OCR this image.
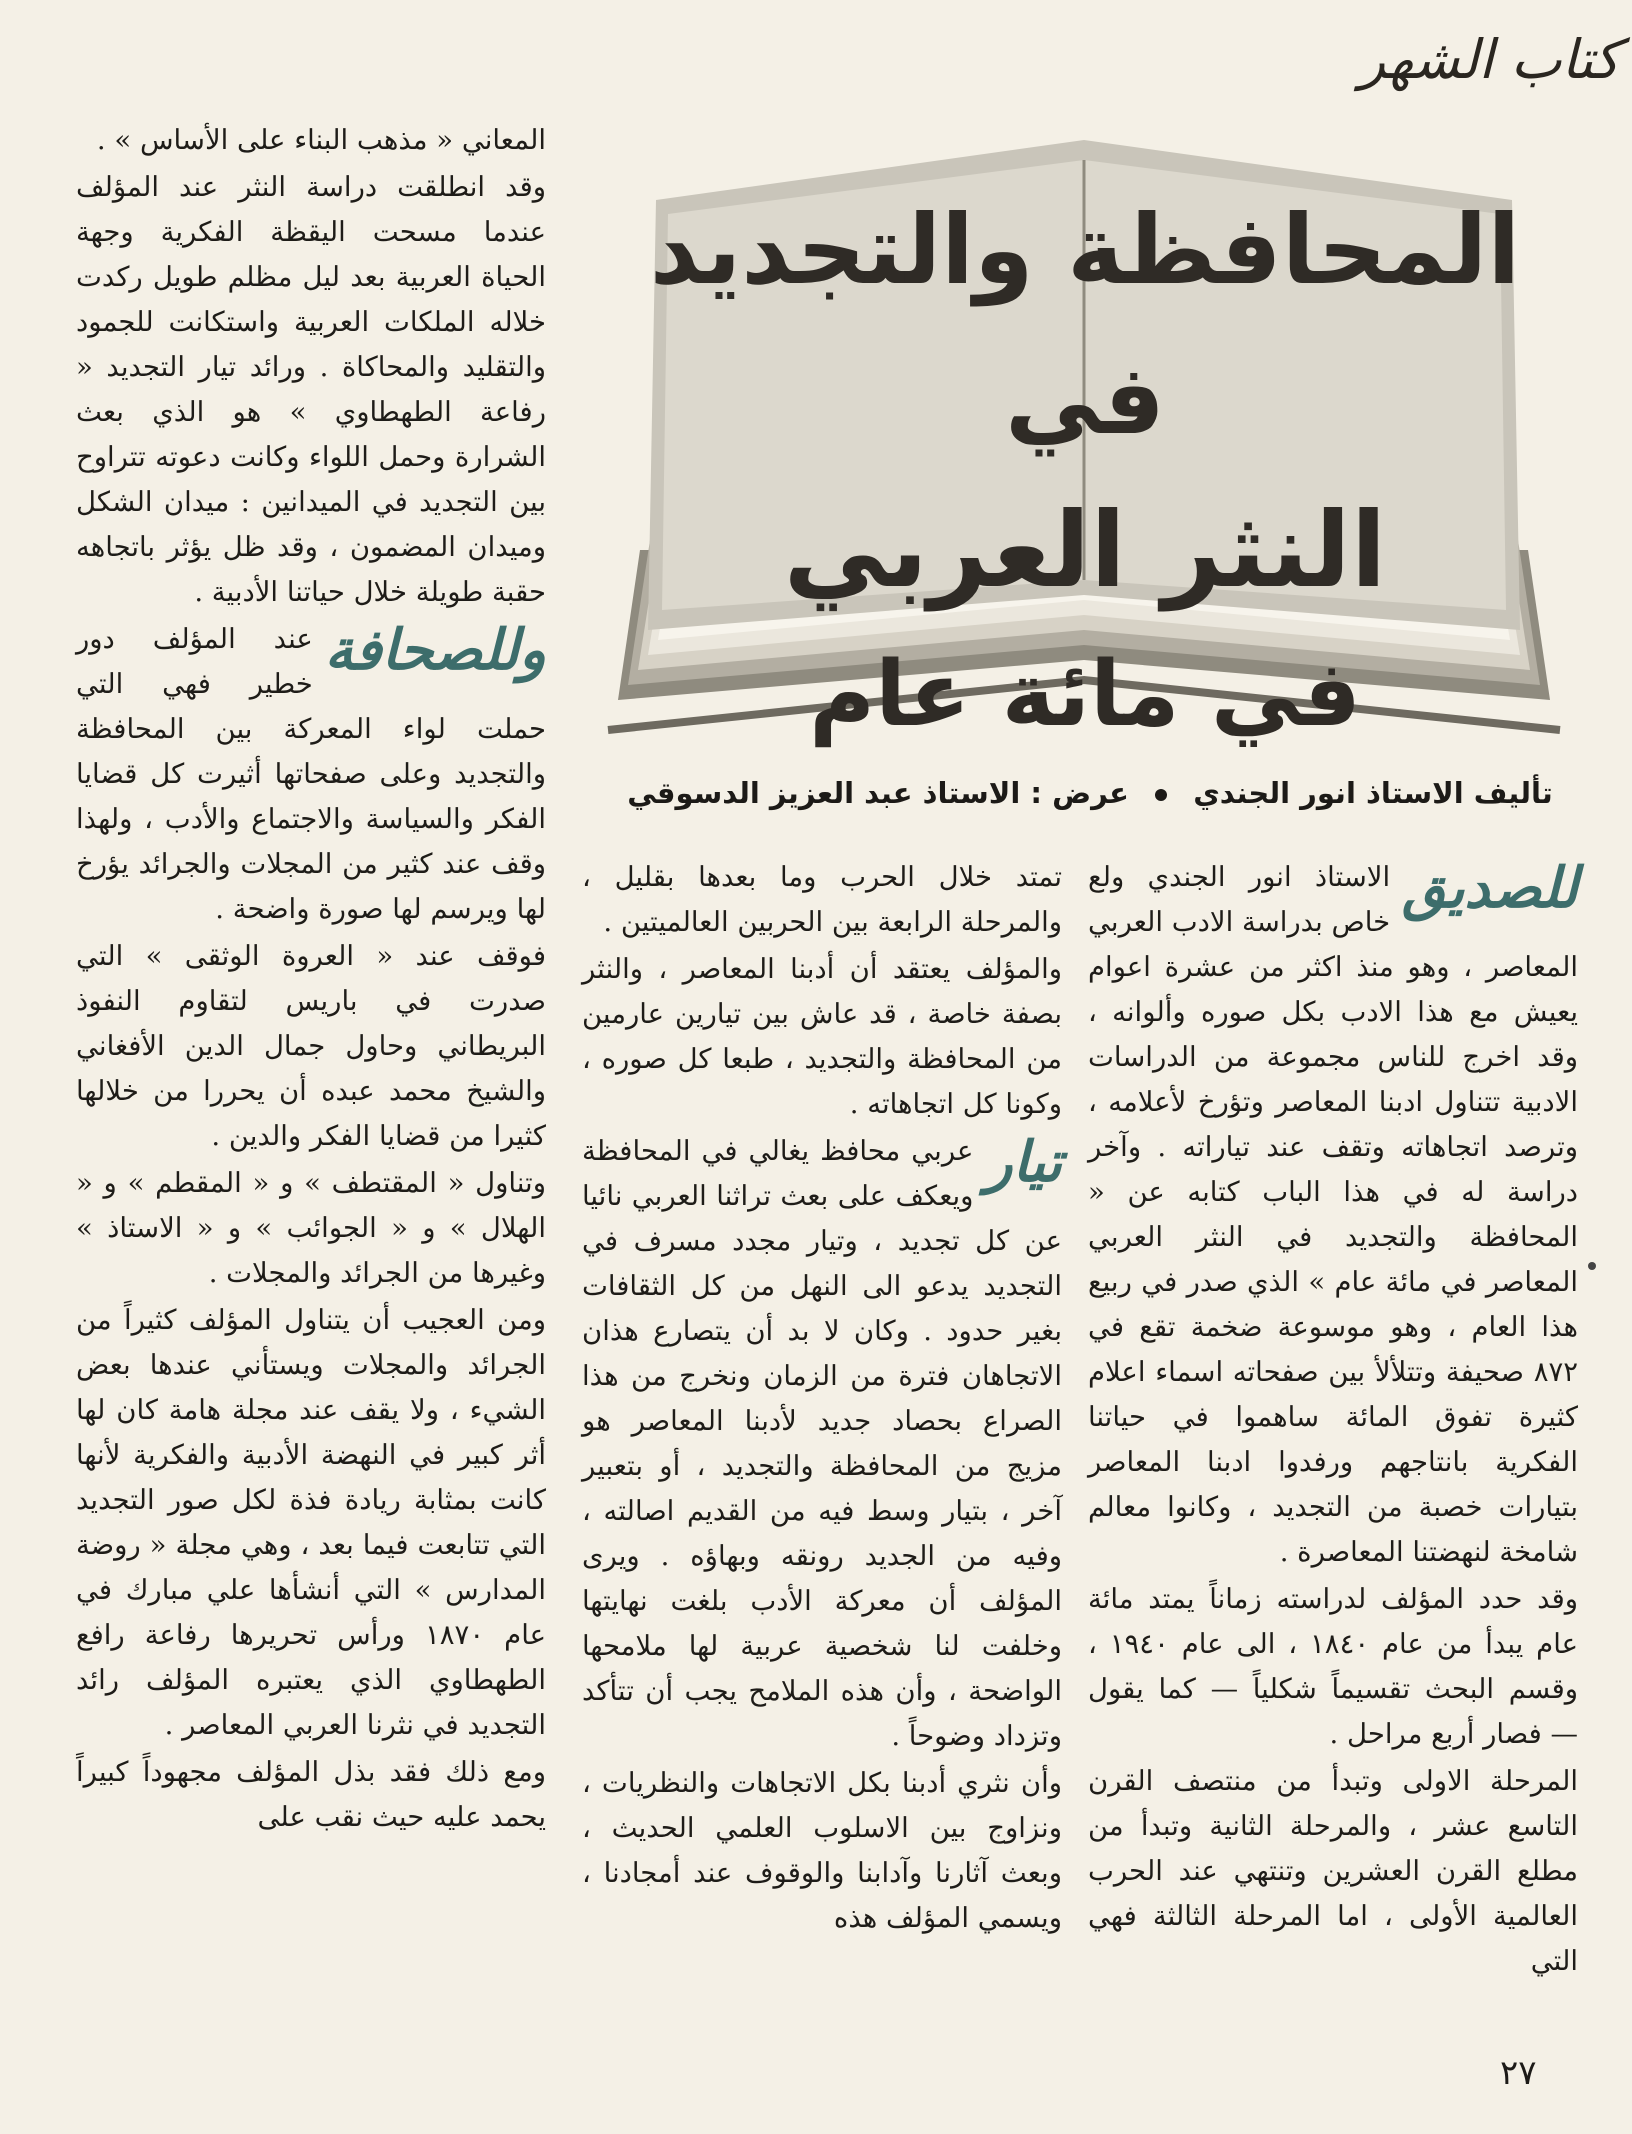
كتاب الشهر
المحافظة والتجديد في
النثر العربي
في مائة عام
تأليف الاستاذ انور الجندي  عرض : الاستاذ عبد العزيز الدسوقي

للصديق
الاستاذ انور الجندي ولع خاص بدراسة الادب العربي المعاصر ، وهو منذ اكثر من عشرة اعوام يعيش مع هذا الادب بكل صوره وألوانه ، وقد اخرج للناس مجموعة من الدراسات الادبية تتناول ادبنا المعاصر وتؤرخ لأعلامه ، وترصد اتجاهاته وتقف عند تياراته . وآخر دراسة له في هذا الباب كتابه عن « المحافظة والتجديد في النثر العربي المعاصر في مائة عام » الذي صدر في ربيع هذا العام ، وهو موسوعة ضخمة تقع في ٨٧٢ صحيفة وتتلألأ بين صفحاته اسماء اعلام كثيرة تفوق المائة ساهموا في حياتنا الفكرية بانتاجهم ورفدوا ادبنا المعاصر بتيارات خصبة من التجديد ، وكانوا معالم شامخة لنهضتنا المعاصرة .

وقد حدد المؤلف لدراسته زماناً يمتد مائة عام يبدأ من عام ١٨٤٠ ، الى عام ١٩٤٠ ، وقسم البحث تقسيماً شكلياً — كما يقول — فصار أربع مراحل .

المرحلة الاولى وتبدأ من منتصف القرن التاسع عشر ، والمرحلة الثانية وتبدأ من مطلع القرن العشرين وتنتهي عند الحرب العالمية الأولى ، اما المرحلة الثالثة فهي التي

تمتد خلال الحرب وما بعدها بقليل ، والمرحلة الرابعة بين الحربين العالميتين .

والمؤلف يعتقد أن أدبنا المعاصر ، والنثر بصفة خاصة ، قد عاش بين تيارين عارمين من المحافظة والتجديد ، طبعا كل صوره ، وكونا كل اتجاهاته .

تيار
عربي محافظ يغالي في المحافظة ويعكف على بعث تراثنا العربي نائيا عن كل تجديد ، وتيار مجدد مسرف في التجديد يدعو الى النهل من كل الثقافات بغير حدود . وكان لا بد أن يتصارع هذان الاتجاهان فترة من الزمان ونخرج من هذا الصراع بحصاد جديد لأدبنا المعاصر هو مزيج من المحافظة والتجديد ، أو بتعبير آخر ، بتيار وسط فيه من القديم اصالته ، وفيه من الجديد رونقه وبهاؤه . ويرى المؤلف أن معركة الأدب بلغت نهايتها وخلفت لنا شخصية عربية لها ملامحها الواضحة ، وأن هذه الملامح يجب أن تتأكد وتزداد وضوحاً .

وأن نثري أدبنا بكل الاتجاهات والنظريات ، ونزاوج بين الاسلوب العلمي الحديث ، وبعث آثارنا وآدابنا والوقوف عند أمجادنا ، ويسمي المؤلف هذه

المعاني « مذهب البناء على الأساس » .

وقد انطلقت دراسة النثر عند المؤلف عندما مسحت اليقظة الفكرية وجهة الحياة العربية بعد ليل مظلم طويل ركدت خلاله الملكات العربية واستكانت للجمود والتقليد والمحاكاة . ورائد تيار التجديد « رفاعة الطهطاوي » هو الذي بعث الشرارة وحمل اللواء وكانت دعوته تتراوح بين التجديد في الميدانين : ميدان الشكل وميدان المضمون ، وقد ظل يؤثر باتجاهه حقبة طويلة خلال حياتنا الأدبية .

وللصحافة
عند المؤلف دور خطير فهي التي حملت لواء المعركة بين المحافظة والتجديد وعلى صفحاتها أثيرت كل قضايا الفكر والسياسة والاجتماع والأدب ، ولهذا وقف عند كثير من المجلات والجرائد يؤرخ لها ويرسم لها صورة واضحة .

فوقف عند « العروة الوثقى » التي صدرت في باريس لتقاوم النفوذ البريطاني وحاول جمال الدين الأفغاني والشيخ محمد عبده أن يحررا من خلالها كثيرا من قضايا الفكر والدين .

وتناول « المقتطف » و « المقطم » و « الهلال » و « الجوائب » و « الاستاذ » وغيرها من الجرائد والمجلات .

ومن العجيب أن يتناول المؤلف كثيراً من الجرائد والمجلات ويستأني عندها بعض الشيء ، ولا يقف عند مجلة هامة كان لها أثر كبير في النهضة الأدبية والفكرية لأنها كانت بمثابة ريادة فذة لكل صور التجديد التي تتابعت فيما بعد ، وهي مجلة « روضة المدارس » التي أنشأها علي مبارك في عام ١٨٧٠ ورأس تحريرها رفاعة رافع الطهطاوي الذي يعتبره المؤلف رائد التجديد في نثرنا العربي المعاصر .

ومع ذلك فقد بذل المؤلف مجهوداً كبيراً يحمد عليه حيث نقب على

٢٧
